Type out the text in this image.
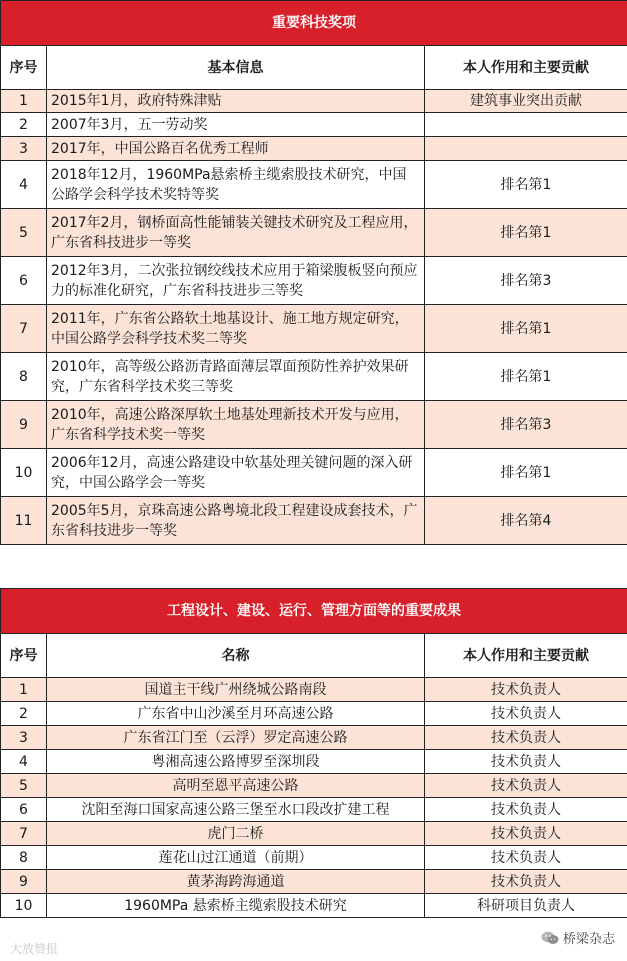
重要科技奖项		
序号	基本信息	本人作用和主要贡献
1	2015年1月，政府特殊津贴	建筑事业突出贡献
2	2007年3月，五一劳动奖	
3	2017年，中国公路百名优秀工程师	
4	2018年12月，1960MPa悬索桥主缆索股技术研究，中国公路学会科学技术奖特等奖	排名第1
5	2017年2月，钢桥面高性能铺装关键技术研究及工程应用，广东省科技进步一等奖	排名第1
6	2012年3月，二次张拉钢绞线技术应用于箱梁腹板竖向预应力的标准化研究，广东省科技进步三等奖	排名第3
7	2011年，广东省公路软土地基设计、施工地方规定研究，中国公路学会科学技术奖二等奖	排名第1
8	2010年，高等级公路沥青路面薄层罩面预防性养护效果研究，广东省科学技术奖三等奖	排名第1
9	2010年，高速公路深厚软土地基处理新技术开发与应用，广东省科学技术奖一等奖	排名第3
10	2006年12月，高速公路建设中软基处理关键问题的深入研究，中国公路学会一等奖	排名第1
11	2005年5月，京珠高速公路粤境北段工程建设成套技术，广东省科技进步一等奖	排名第4
工程设计、建设、运行、管理方面等的重要成果		
序号	名称	本人作用和主要贡献
1	国道主干线广州绕城公路南段	技术负责人
2	广东省中山沙溪至月环高速公路	技术负责人
3	广东省江门至（云浮）罗定高速公路	技术负责人
4	粤湘高速公路博罗至深圳段	技术负责人
5	高明至恩平高速公路	技术负责人
6	沈阳至海口国家高速公路三堡至水口段改扩建工程	技术负责人
7	虎门二桥	技术负责人
8	莲花山过江通道（前期）	技术负责人
9	黄茅海跨海通道	技术负责人
10	1960MPa 悬索桥主缆索股技术研究	科研项目负责人
大放赞报
桥梁杂志
